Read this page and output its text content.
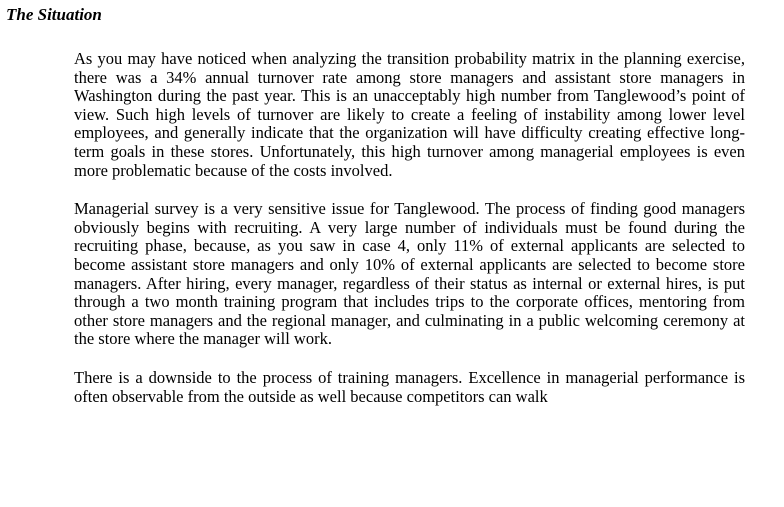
The Situation

As you may have noticed when analyzing the transition probability matrix in the planning exercise, there was a 34% annual turnover rate among store managers and assistant store managers in Washington during the past year. This is an unacceptably high number from Tanglewood’s point of view. Such high levels of turnover are likely to create a feeling of instability among lower level employees, and generally indicate that the organization will have difficulty creating effective long-term goals in these stores. Unfortunately, this high turnover among managerial employees is even more problematic because of the costs involved.

Managerial survey is a very sensitive issue for Tanglewood. The process of finding good managers obviously begins with recruiting. A very large number of individuals must be found during the recruiting phase, because, as you saw in case 4, only 11% of external applicants are selected to become assistant store managers and only 10% of external applicants are selected to become store managers. After hiring, every manager, regardless of their status as internal or external hires, is put through a two month training program that includes trips to the corporate offices, mentoring from other store managers and the regional manager, and culminating in a public welcoming ceremony at the store where the manager will work.

There is a downside to the process of training managers. Excellence in managerial performance is often observable from the outside as well because competitors can walk
